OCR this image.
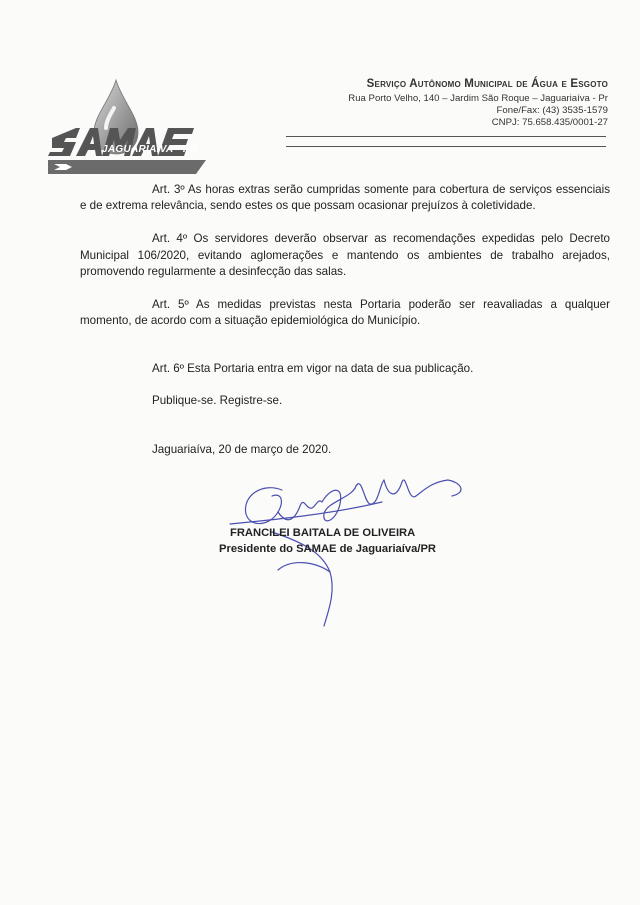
JAGUARIAÍVA - PR
Serviço Autônomo Municipal de Água e Esgoto
Rua Porto Velho, 140 – Jardim São Roque – Jaguariaíva - Pr
Fone/Fax: (43) 3535-1579
CNPJ: 75.658.435/0001-27

Art. 3º As horas extras serão cumpridas somente para cobertura de serviços essenciais e de extrema relevância, sendo estes os que possam ocasionar prejuízos à coletividade.

Art. 4º Os servidores deverão observar as recomendações expedidas pelo Decreto Municipal 106/2020, evitando aglomerações e mantendo os ambientes de trabalho arejados, promovendo regularmente a desinfecção das salas.

Art. 5º As medidas previstas nesta Portaria poderão ser reavaliadas a qualquer momento, de acordo com a situação epidemiológica do Município.

Art. 6º Esta Portaria entra em vigor na data de sua publicação.

Publique-se. Registre-se.

Jaguariaíva, 20 de março de 2020.

FRANCILEI BAITALA DE OLIVEIRA
Presidente do SAMAE de Jaguariaíva/PR
